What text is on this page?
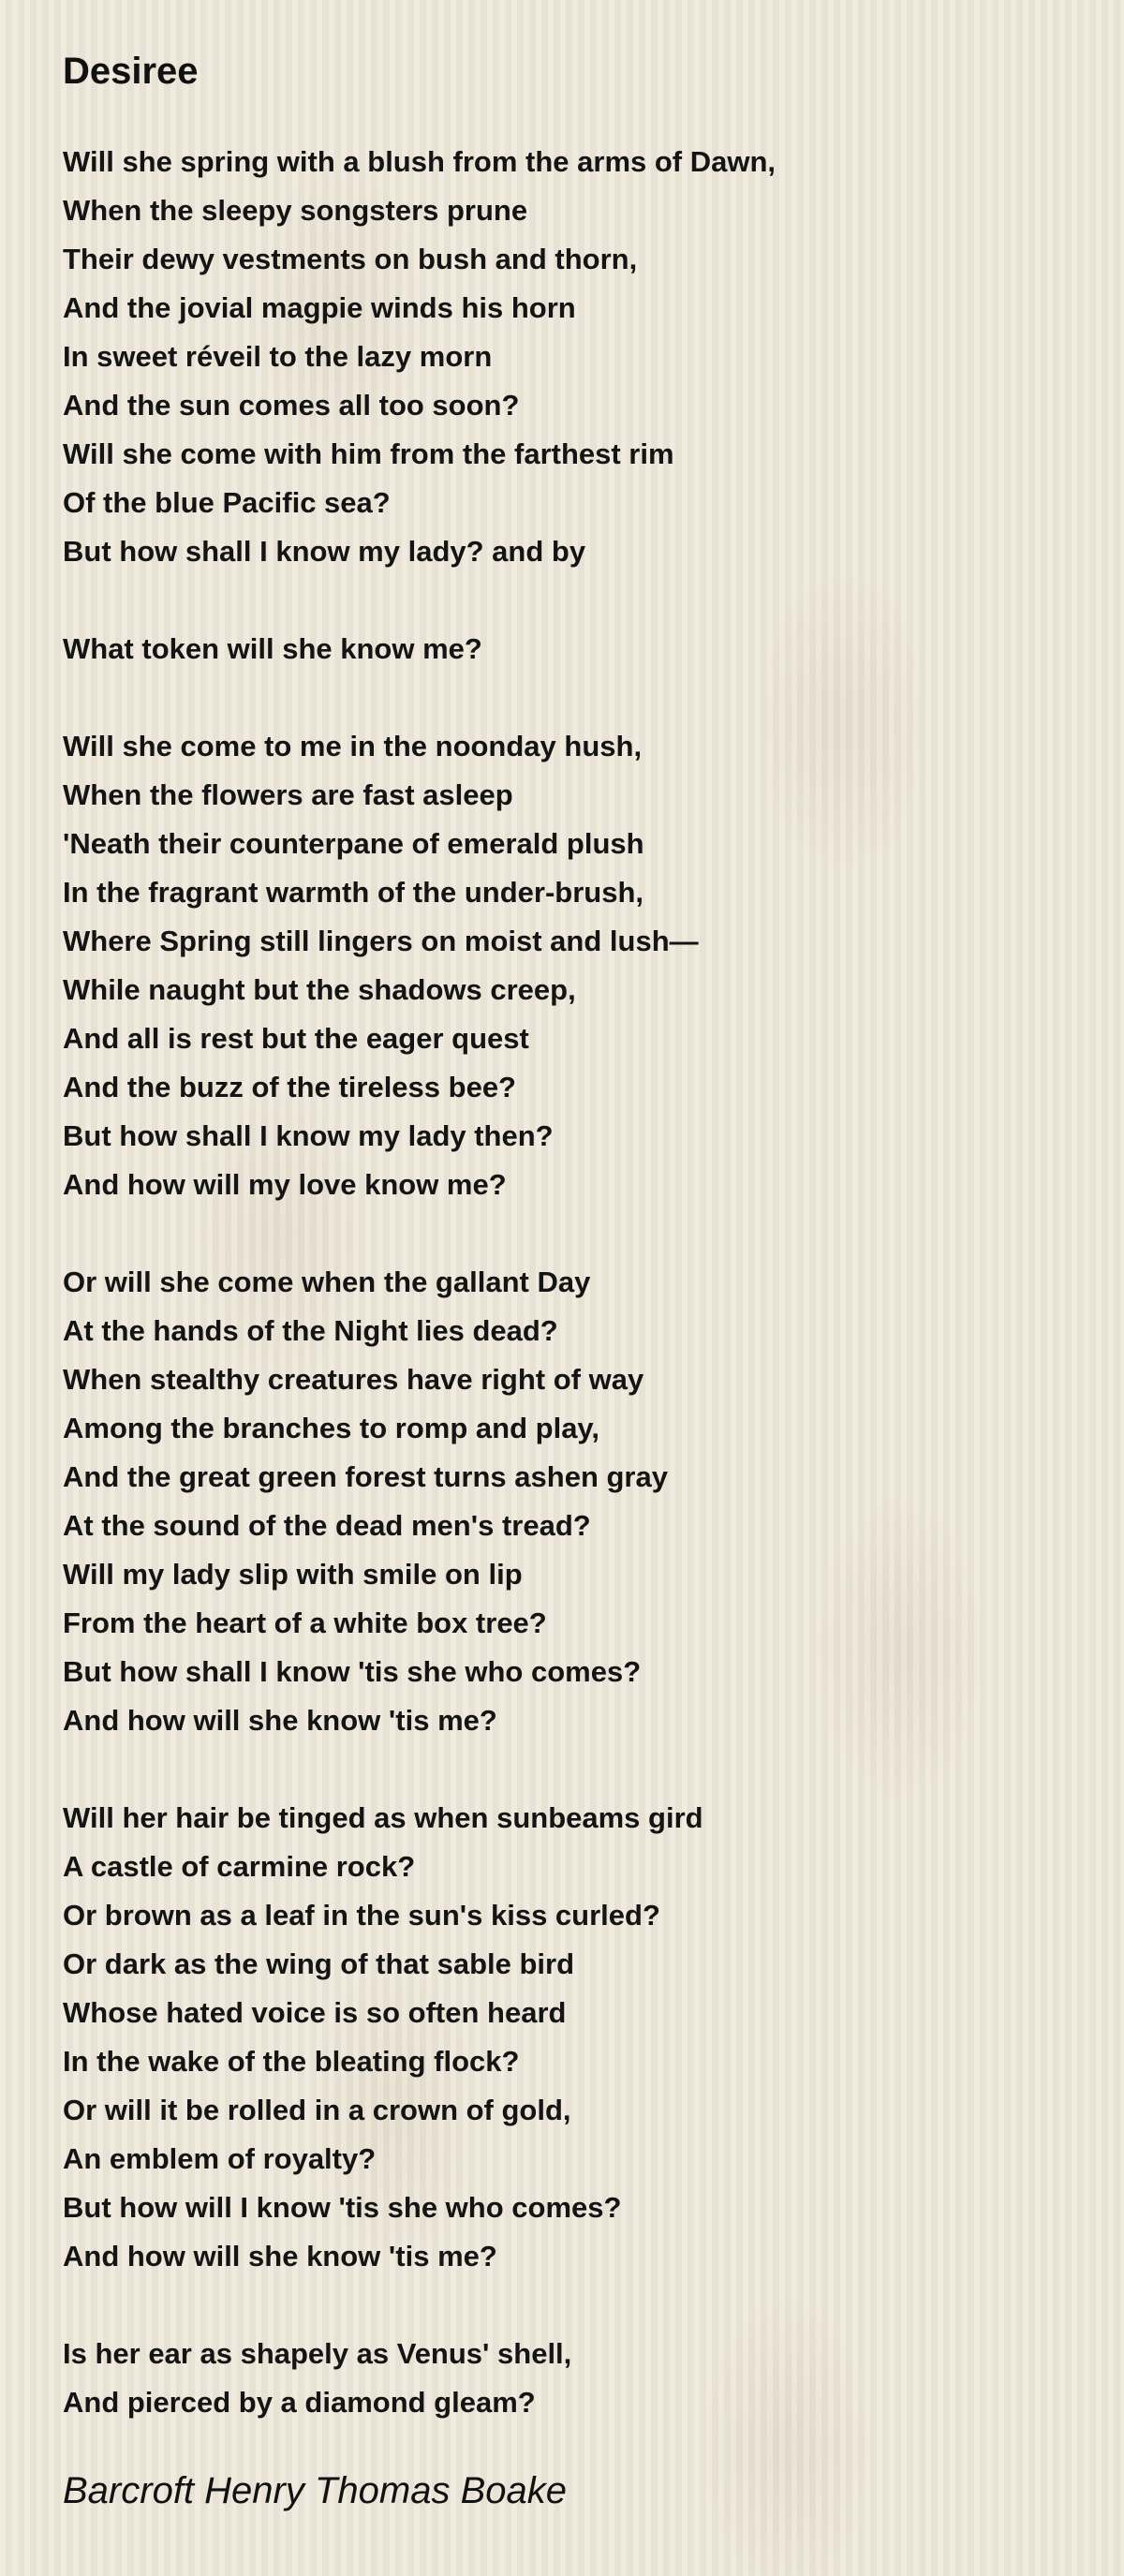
Desiree
Will she spring with a blush from the arms of Dawn,
When the sleepy songsters prune
Their dewy vestments on bush and thorn,
And the jovial magpie winds his horn
In sweet réveil to the lazy morn
And the sun comes all too soon?
Will she come with him from the farthest rim
Of the blue Pacific sea?
But how shall I know my lady? and by
What token will she know me?
Will she come to me in the noonday hush,
When the flowers are fast asleep
'Neath their counterpane of emerald plush
In the fragrant warmth of the under-brush,
Where Spring still lingers on moist and lush—
While naught but the shadows creep,
And all is rest but the eager quest
And the buzz of the tireless bee?
But how shall I know my lady then?
And how will my love know me?
Or will she come when the gallant Day
At the hands of the Night lies dead?
When stealthy creatures have right of way
Among the branches to romp and play,
And the great green forest turns ashen gray
At the sound of the dead men's tread?
Will my lady slip with smile on lip
From the heart of a white box tree?
But how shall I know 'tis she who comes?
And how will she know 'tis me?
Will her hair be tinged as when sunbeams gird
A castle of carmine rock?
Or brown as a leaf in the sun's kiss curled?
Or dark as the wing of that sable bird
Whose hated voice is so often heard
In the wake of the bleating flock?
Or will it be rolled in a crown of gold,
An emblem of royalty?
But how will I know 'tis she who comes?
And how will she know 'tis me?
Is her ear as shapely as Venus' shell,
And pierced by a diamond gleam?
Barcroft Henry Thomas Boake
